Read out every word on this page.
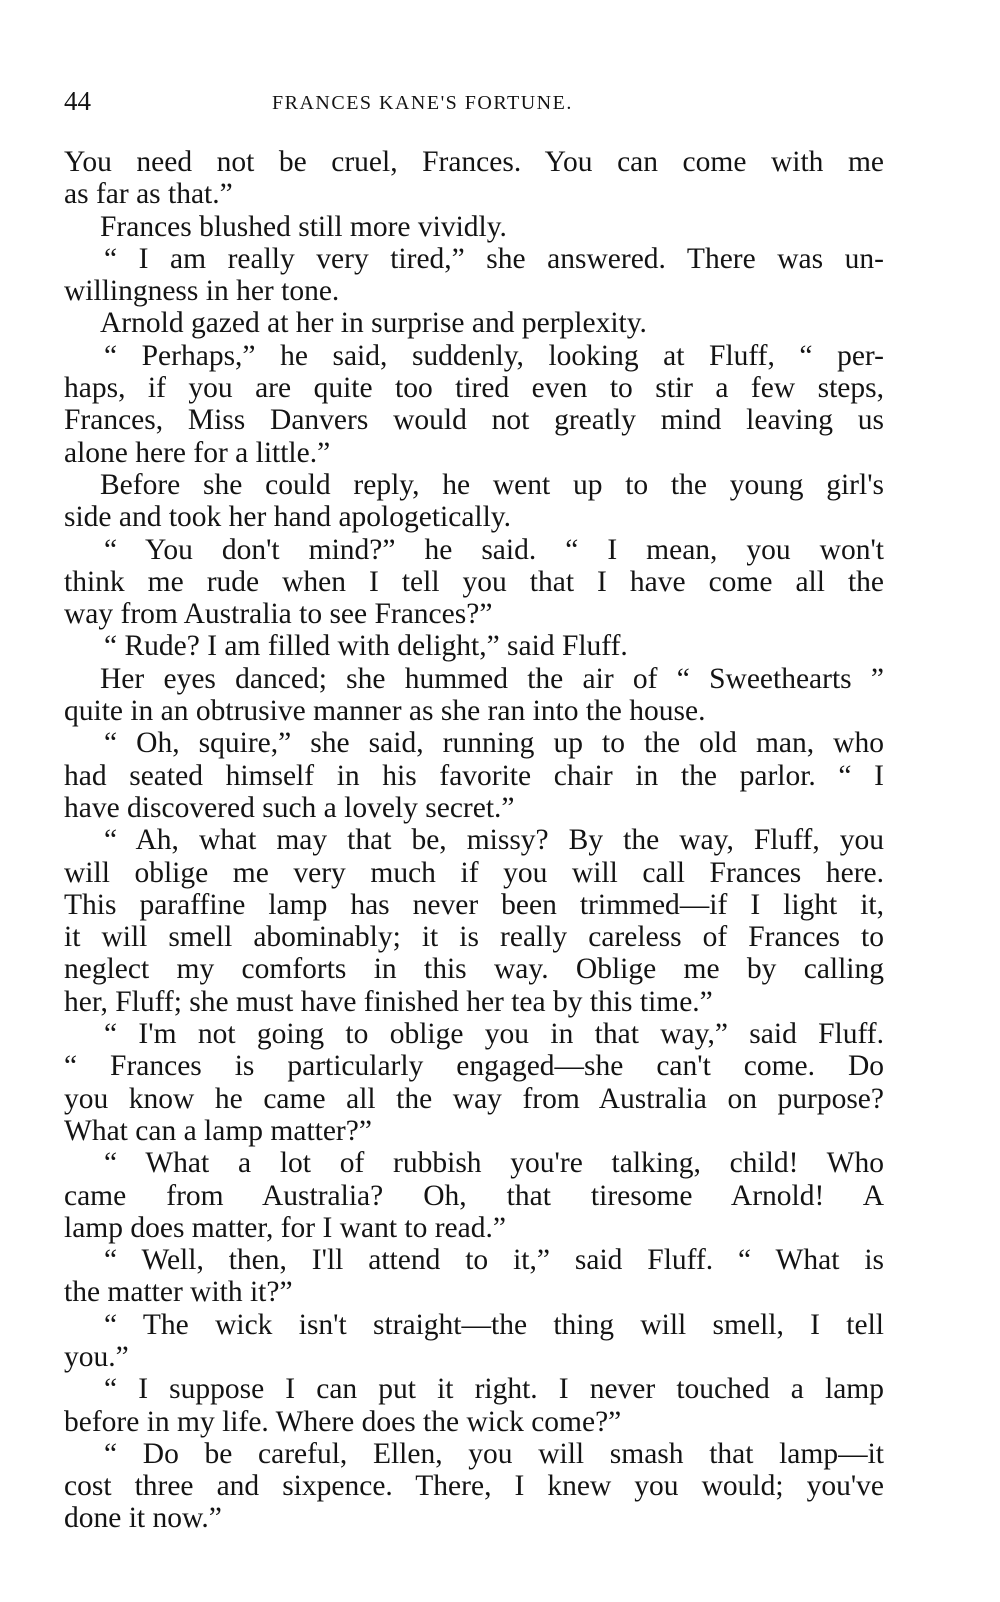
44	FRANCES KANE'S FORTUNE.
You need not be cruel, Frances. You can come with me
as far as that.”
Frances blushed still more vividly.
“ I am really very tired,” she answered. There was un-
willingness in her tone.
Arnold gazed at her in surprise and perplexity.
“ Perhaps,” he said, suddenly, looking at Fluff, “ per-
haps, if you are quite too tired even to stir a few steps,
Frances, Miss Danvers would not greatly mind leaving us
alone here for a little.”
Before she could reply, he went up to the young girl's
side and took her hand apologetically.
“ You don't mind?” he said. “ I mean, you won't
think me rude when I tell you that I have come all the
way from Australia to see Frances?”
“ Rude? I am filled with delight,” said Fluff.
Her eyes danced; she hummed the air of “ Sweethearts ”
quite in an obtrusive manner as she ran into the house.
“ Oh, squire,” she said, running up to the old man, who
had seated himself in his favorite chair in the parlor. “ I
have discovered such a lovely secret.”
“ Ah, what may that be, missy? By the way, Fluff, you
will oblige me very much if you will call Frances here.
This paraffine lamp has never been trimmed—if I light it,
it will smell abominably; it is really careless of Frances to
neglect my comforts in this way. Oblige me by calling
her, Fluff; she must have finished her tea by this time.”
“ I'm not going to oblige you in that way,” said Fluff.
“ Frances is particularly engaged—she can't come. Do
you know he came all the way from Australia on purpose?
What can a lamp matter?”
“ What a lot of rubbish you're talking, child! Who
came from Australia? Oh, that tiresome Arnold! A
lamp does matter, for I want to read.”
“ Well, then, I'll attend to it,” said Fluff. “ What is
the matter with it?”
“ The wick isn't straight—the thing will smell, I tell
you.”
“ I suppose I can put it right. I never touched a lamp
before in my life. Where does the wick come?”
“ Do be careful, Ellen, you will smash that lamp—it
cost three and sixpence. There, I knew you would; you've
done it now.”
